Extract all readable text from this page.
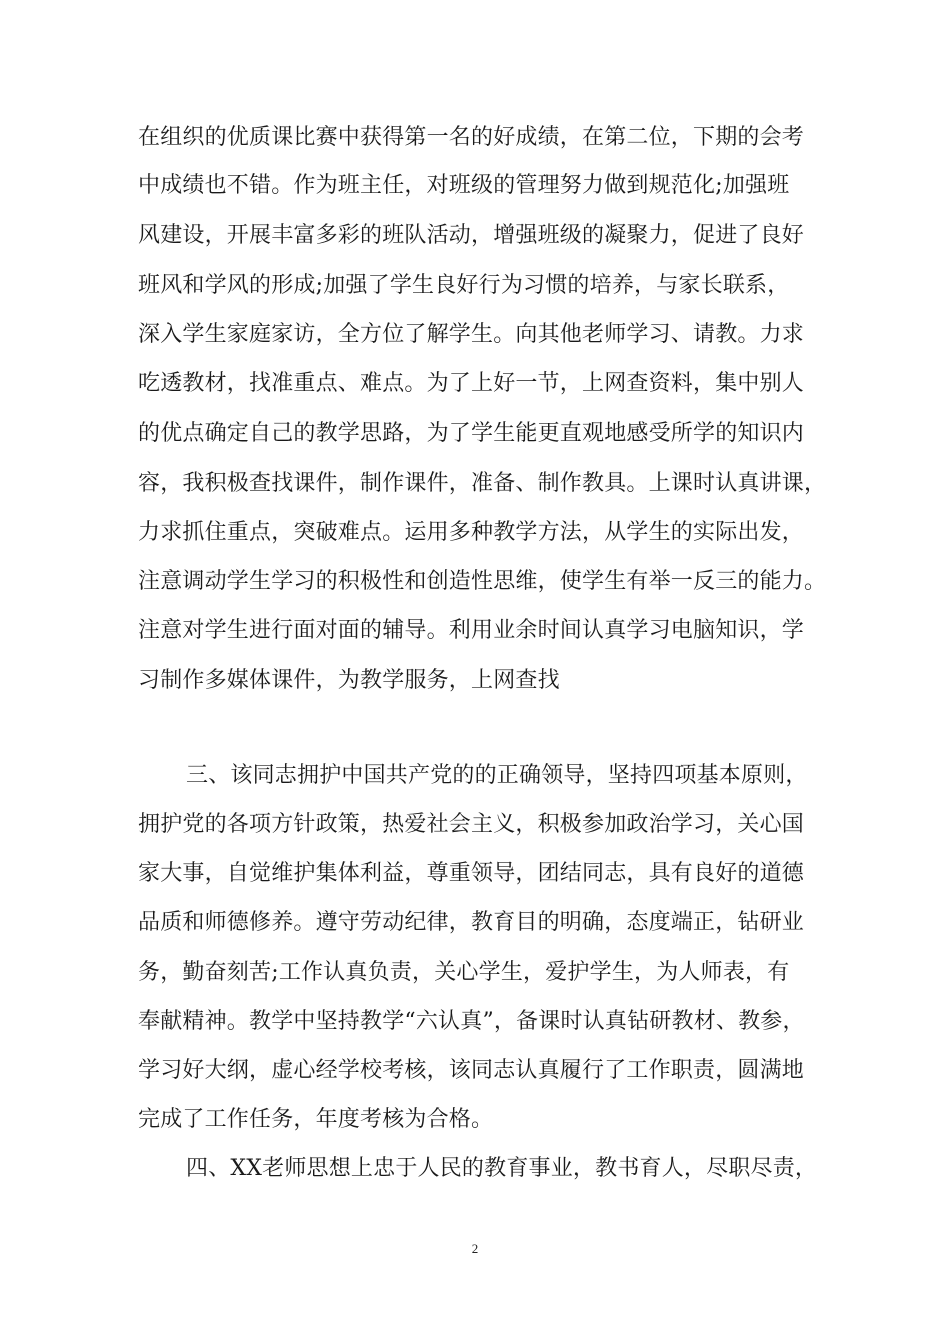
在组织的优质课比赛中获得第一名的好成绩，在第二位，下期的会考
中成绩也不错。作为班主任，对班级的管理努力做到规范化;加强班
风建设，开展丰富多彩的班队活动，增强班级的凝聚力，促进了良好
班风和学风的形成;加强了学生良好行为习惯的培养，与家长联系，
深入学生家庭家访，全方位了解学生。向其他老师学习、请教。力求
吃透教材，找准重点、难点。为了上好一节，上网查资料，集中别人
的优点确定自己的教学思路，为了学生能更直观地感受所学的知识内
容，我积极查找课件，制作课件，准备、制作教具。上课时认真讲课，
力求抓住重点，突破难点。运用多种教学方法，从学生的实际出发，
注意调动学生学习的积极性和创造性思维，使学生有举一反三的能力。
注意对学生进行面对面的辅导。利用业余时间认真学习电脑知识，学
习制作多媒体课件，为教学服务，上网查找
三、该同志拥护中国共产党的的正确领导，坚持四项基本原则，
拥护党的各项方针政策，热爱社会主义，积极参加政治学习，关心国
家大事，自觉维护集体利益，尊重领导，团结同志，具有良好的道德
品质和师德修养。遵守劳动纪律，教育目的明确，态度端正，钻研业
务，勤奋刻苦;工作认真负责，关心学生，爱护学生，为人师表，有
奉献精神。教学中坚持教学“六认真”，备课时认真钻研教材、教参，
学习好大纲，虚心经学校考核，该同志认真履行了工作职责，圆满地
完成了工作任务，年度考核为合格。
四、XX老师思想上忠于人民的教育事业，教书育人，尽职尽责，
2
